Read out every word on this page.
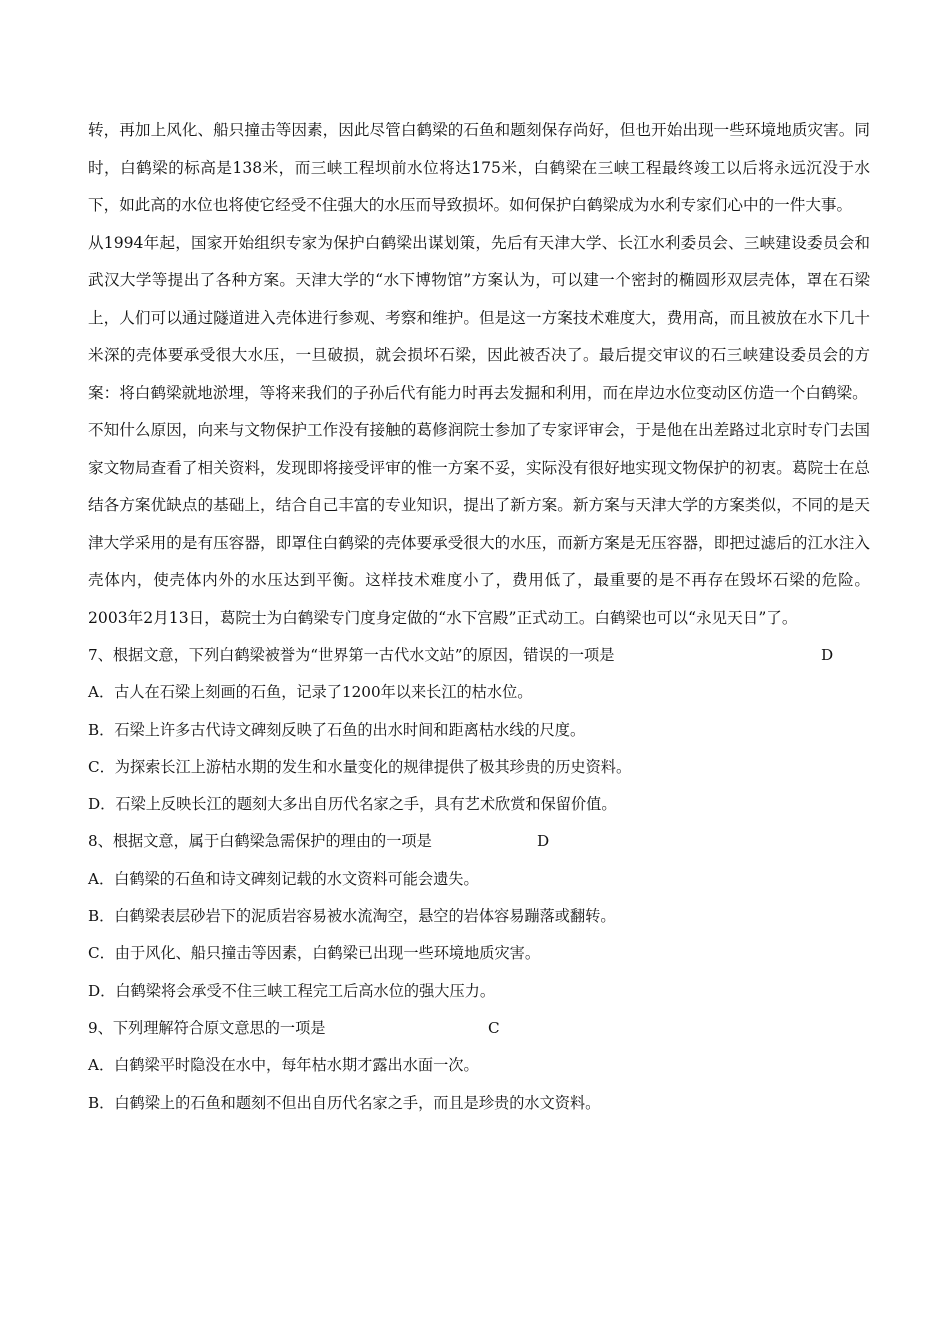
转，再加上风化、船只撞击等因素，因此尽管白鹤梁的石鱼和题刻保存尚好，但也开始出现一些环境地质灾害。同时，白鹤梁的标高是138米，而三峡工程坝前水位将达175米，白鹤梁在三峡工程最终竣工以后将永远沉没于水下，如此高的水位也将使它经受不住强大的水压而导致损坏。如何保护白鹤梁成为水利专家们心中的一件大事。

从1994年起，国家开始组织专家为保护白鹤梁出谋划策，先后有天津大学、长江水利委员会、三峡建设委员会和武汉大学等提出了各种方案。天津大学的“水下博物馆”方案认为，可以建一个密封的椭圆形双层壳体，罩在石梁上，人们可以通过隧道进入壳体进行参观、考察和维护。但是这一方案技术难度大，费用高，而且被放在水下几十米深的壳体要承受很大水压，一旦破损，就会损坏石梁，因此被否决了。最后提交审议的石三峡建设委员会的方案：将白鹤梁就地淤埋，等将来我们的子孙后代有能力时再去发掘和利用，而在岸边水位变动区仿造一个白鹤梁。

不知什么原因，向来与文物保护工作没有接触的葛修润院士参加了专家评审会，于是他在出差路过北京时专门去国家文物局查看了相关资料，发现即将接受评审的惟一方案不妥，实际没有很好地实现文物保护的初衷。葛院士在总结各方案优缺点的基础上，结合自己丰富的专业知识，提出了新方案。新方案与天津大学的方案类似，不同的是天津大学采用的是有压容器，即罩住白鹤梁的壳体要承受很大的水压，而新方案是无压容器，即把过滤后的江水注入壳体内，使壳体内外的水压达到平衡。这样技术难度小了，费用低了，最重要的是不再存在毁坏石梁的危险。2003年2月13日，葛院士为白鹤梁专门度身定做的“水下宫殿”正式动工。白鹤梁也可以“永见天日”了。

7、根据文意，下列白鹤梁被誉为“世界第一古代水文站”的原因，错误的一项是	D
A．古人在石梁上刻画的石鱼，记录了1200年以来长江的枯水位。
B．石梁上许多古代诗文碑刻反映了石鱼的出水时间和距离枯水线的尺度。
C．为探索长江上游枯水期的发生和水量变化的规律提供了极其珍贵的历史资料。
D．石梁上反映长江的题刻大多出自历代名家之手，具有艺术欣赏和保留价值。
8、根据文意，属于白鹤梁急需保护的理由的一项是	D
A．白鹤梁的石鱼和诗文碑刻记载的水文资料可能会遗失。
B．白鹤梁表层砂岩下的泥质岩容易被水流淘空，悬空的岩体容易蹦落或翻转。
C．由于风化、船只撞击等因素，白鹤梁已出现一些环境地质灾害。
D．白鹤梁将会承受不住三峡工程完工后高水位的强大压力。
9、下列理解符合原文意思的一项是	C
A．白鹤梁平时隐没在水中，每年枯水期才露出水面一次。
B．白鹤梁上的石鱼和题刻不但出自历代名家之手，而且是珍贵的水文资料。
